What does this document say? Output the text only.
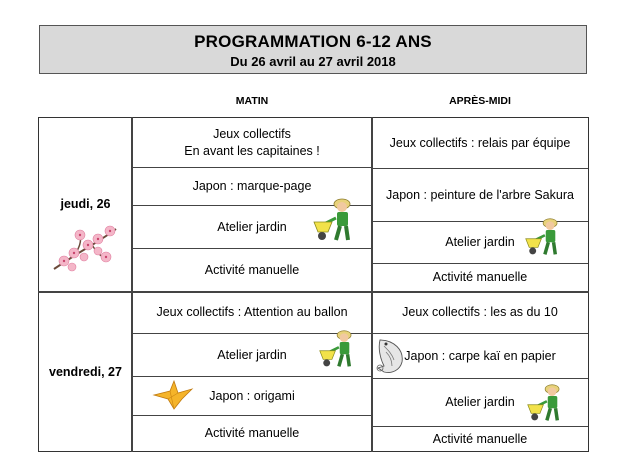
PROGRAMMATION 6-12 ANS
Du 26 avril au 27 avril 2018
MATIN	APRÈS-MIDI
jeudi, 26
vendredi, 27
Jeux collectifs
En avant les capitaines !
Japon : marque-page
Atelier jardin
Activité manuelle
Jeux collectifs : relais par équipe
Japon : peinture de l'arbre Sakura
Atelier jardin
Activité manuelle
Jeux collectifs : Attention au ballon
Atelier jardin
Japon : origami
Activité manuelle
Jeux collectifs : les as du 10
Japon : carpe kaï en papier
Atelier jardin
Activité manuelle
